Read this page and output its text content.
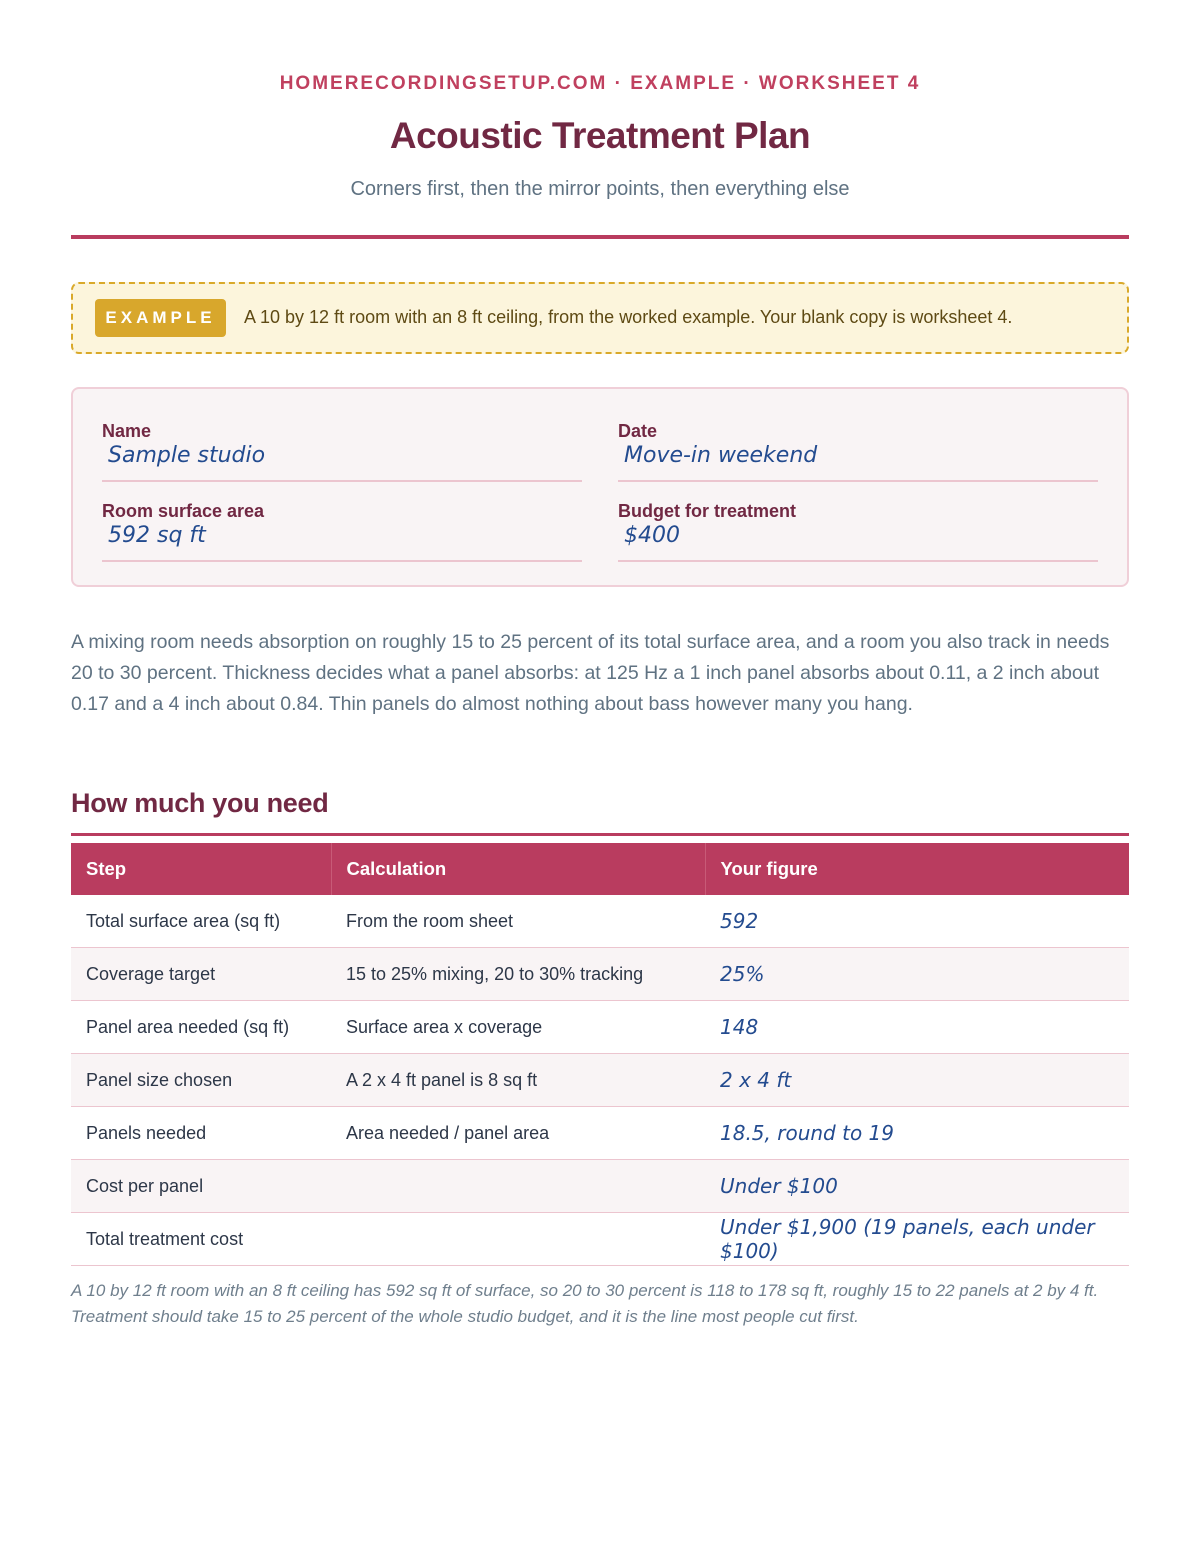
HOMERECORDINGSETUP.COM · EXAMPLE · WORKSHEET 4
Acoustic Treatment Plan
Corners first, then the mirror points, then everything else
EXAMPLE	A 10 by 12 ft room with an 8 ft ceiling, from the worked example. Your blank copy is worksheet 4.
Name
Sample studio
Date
Move-in weekend
Room surface area
592 sq ft
Budget for treatment
$400

A mixing room needs absorption on roughly 15 to 25 percent of its total surface area, and a room you also track in needs 20 to 30 percent. Thickness decides what a panel absorbs: at 125 Hz a 1 inch panel absorbs about 0.11, a 2 inch about 0.17 and a 4 inch about 0.84. Thin panels do almost nothing about bass however many you hang.

How much you need
Step	Calculation	Your figure
Total surface area (sq ft)	From the room sheet	592
Coverage target	15 to 25% mixing, 20 to 30% tracking	25%
Panel area needed (sq ft)	Surface area x coverage	148
Panel size chosen	A 2 x 4 ft panel is 8 sq ft	2 x 4 ft
Panels needed	Area needed / panel area	18.5, round to 19
Cost per panel		Under $100
Total treatment cost		Under $1,900 (19 panels, each under $100)

A 10 by 12 ft room with an 8 ft ceiling has 592 sq ft of surface, so 20 to 30 percent is 118 to 178 sq ft, roughly 15 to 22 panels at 2 by 4 ft. Treatment should take 15 to 25 percent of the whole studio budget, and it is the line most people cut first.
